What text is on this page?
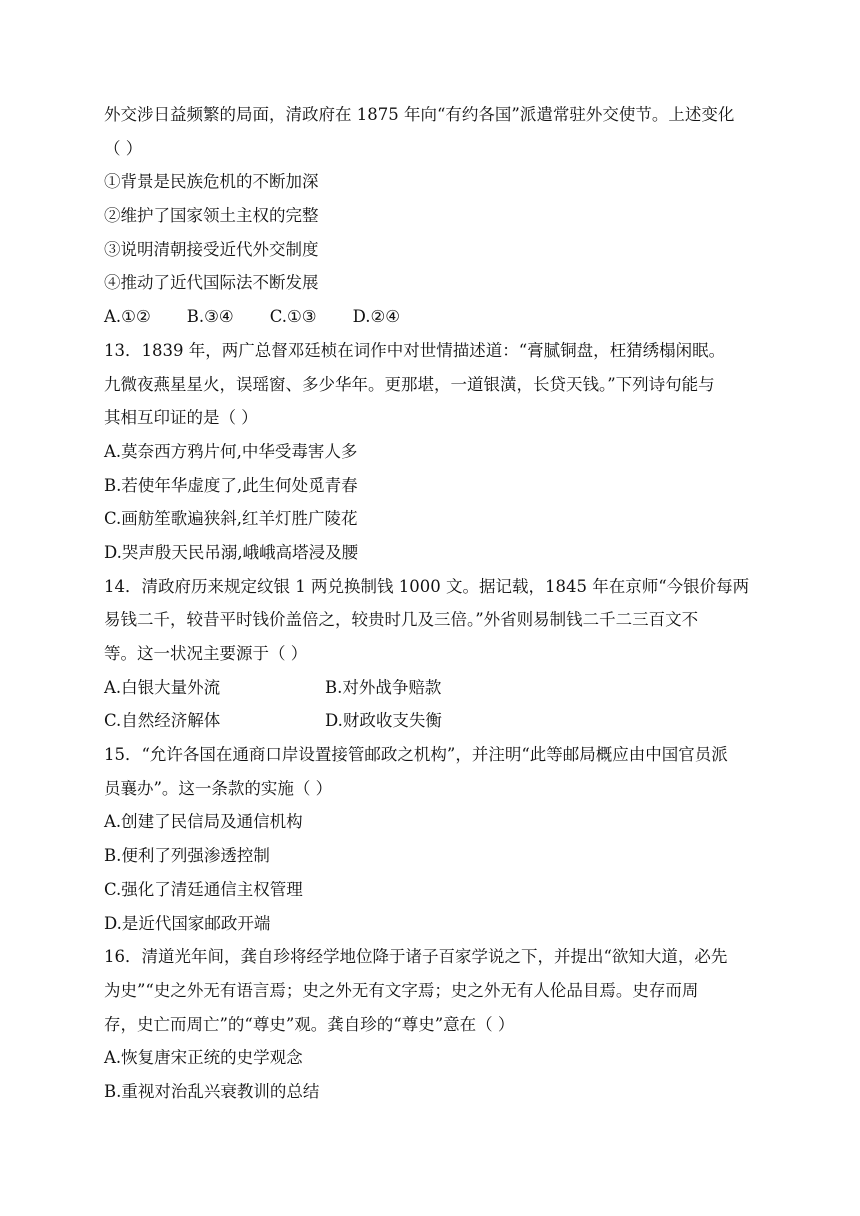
外交涉日益频繁的局面，清政府在 1875 年向“有约各国”派遣常驻外交使节。上述变化
（ ）
①背景是民族危机的不断加深
②维护了国家领土主权的完整
③说明清朝接受近代外交制度
④推动了近代国际法不断发展
A.①② B.③④ C.①③ D.②④
13．1839 年，两广总督邓廷桢在词作中对世情描述道：“膏腻铜盘，枉猜绣榻闲眠。
九微夜燕星星火，误瑶窗、多少华年。更那堪，一道银潢，长贷天钱。”下列诗句能与
其相互印证的是（ ）
A.莫奈西方鸦片何,中华受毒害人多
B.若使年华虚度了,此生何处觅青春
C.画舫笙歌遍狭斜,红羊灯胜广陵花
D.哭声殷天民吊溺,峨峨高塔浸及腰
14．清政府历来规定纹银 1 两兑换制钱 1000 文。据记载，1845 年在京师“今银价每两
易钱二千，较昔平时钱价盖倍之，较贵时几及三倍。”外省则易制钱二千二三百文不
等。这一状况主要源于（ ）
A.白银大量外流	B.对外战争赔款
C.自然经济解体	D.财政收支失衡
15．“允许各国在通商口岸设置接管邮政之机构”，并注明“此等邮局概应由中国官员派
员襄办”。这一条款的实施（ ）
A.创建了民信局及通信机构
B.便利了列强渗透控制
C.强化了清廷通信主权管理
D.是近代国家邮政开端
16．清道光年间，龚自珍将经学地位降于诸子百家学说之下，并提出“欲知大道，必先
为史”“史之外无有语言焉；史之外无有文字焉；史之外无有人伦品目焉。史存而周
存，史亡而周亡”的“尊史”观。龚自珍的“尊史”意在（ ）
A.恢复唐宋正统的史学观念
B.重视对治乱兴衰教训的总结
